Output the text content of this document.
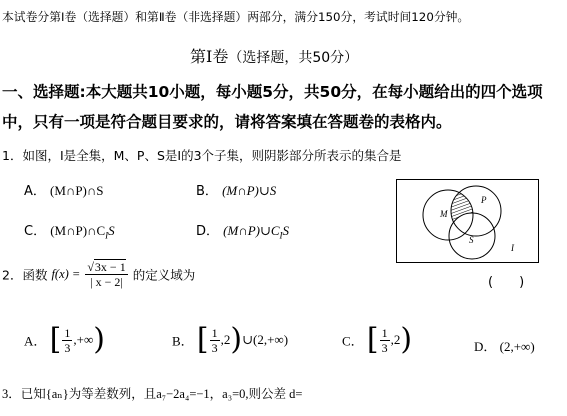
本试卷分第Ⅰ卷（选择题）和第Ⅱ卷（非选择题）两部分，满分150分，考试时间120分钟。
第Ⅰ卷（选择题，共50分）
一、选择题:本大题共10小题，每小题5分，共50分，在每小题给出的四个选项
中，只有一项是符合题目要求的，请将答案填在答题卷的表格内。
1．如图，Ⅰ是全集，M、P、S是Ⅰ的3个子集，则阴影部分所表示的集合是
A． (M∩P)∩S	B． (M∩P)∪S
C． $(M\cap P)\cap C_IS$	D． $(M\cap P)\cup C_IS$
M
P
S
I
2．函数 $f(x) = \frac{√3x - 1}{| x - 2|}$ 的定义域为	(　　)
A． [ $\frac{1}{3}$ ,+∞)	B． [ $\frac{1}{3}$ ,2)∪(2,+∞)	C． [ $\frac{1}{3} ,2$)	D． (2,+∞)
3．已知{aₙ}为等差数列，且a₇−2a₄=−1，a₃=0,则公差 d=
